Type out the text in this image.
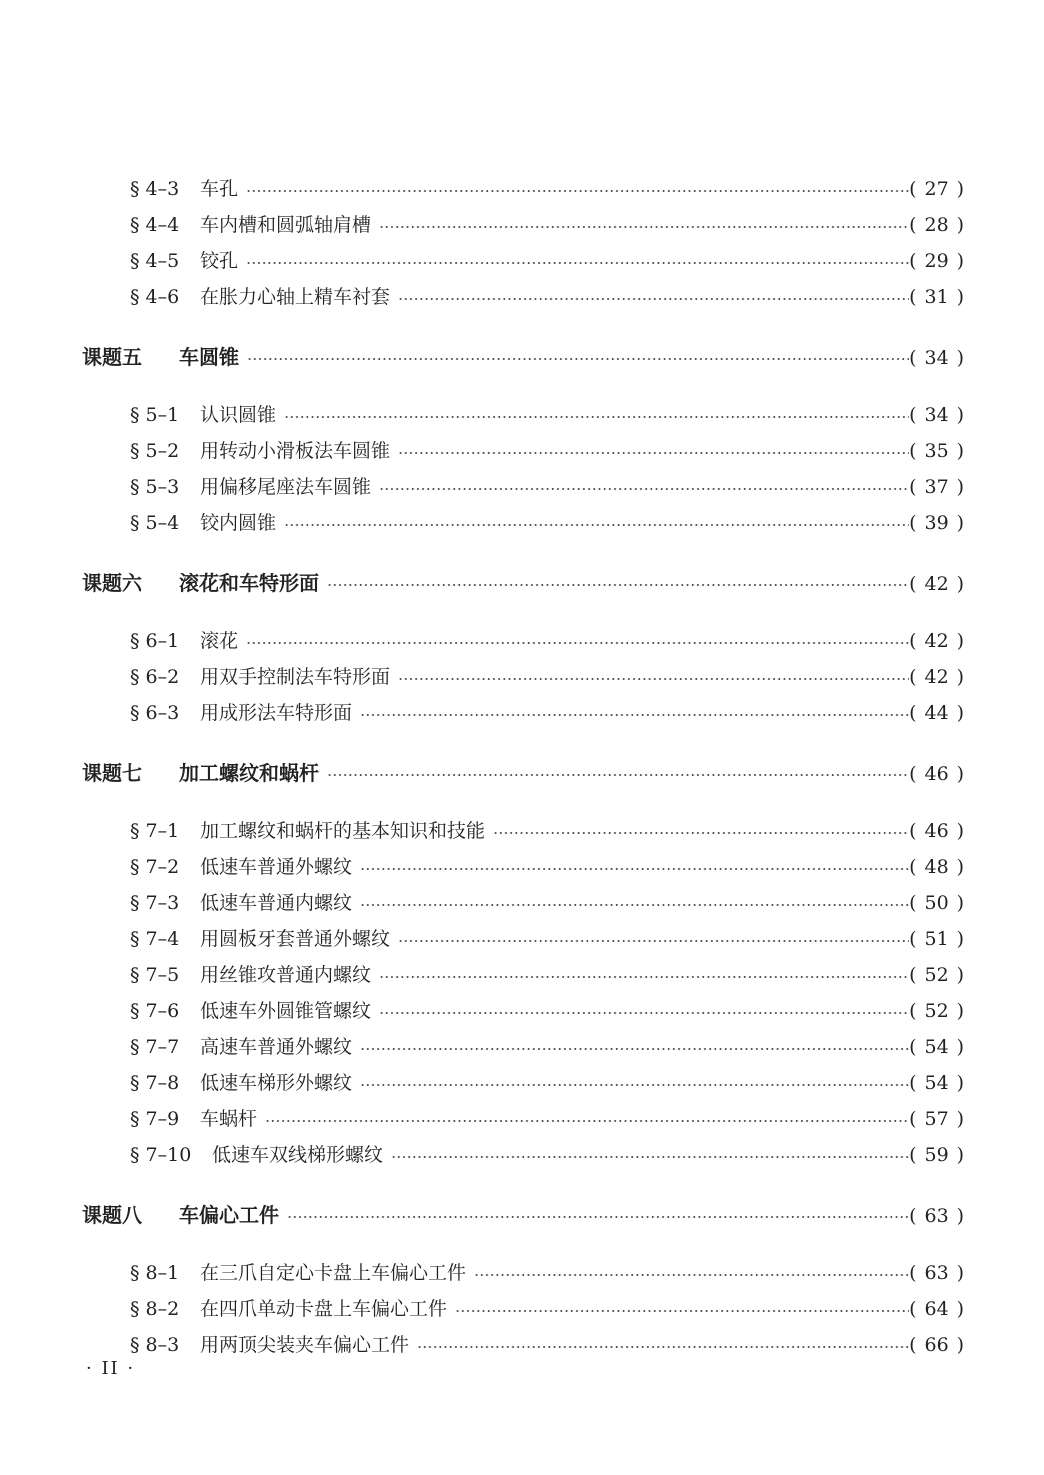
§ 4–3	车孔	( 27 )
§ 4–4	车内槽和圆弧轴肩槽	( 28 )
§ 4–5	铰孔	( 29 )
§ 4–6	在胀力心轴上精车衬套	( 31 )
课题五	车圆锥	( 34 )
§ 5–1	认识圆锥	( 34 )
§ 5–2	用转动小滑板法车圆锥	( 35 )
§ 5–3	用偏移尾座法车圆锥	( 37 )
§ 5–4	铰内圆锥	( 39 )
课题六	滚花和车特形面	( 42 )
§ 6–1	滚花	( 42 )
§ 6–2	用双手控制法车特形面	( 42 )
§ 6–3	用成形法车特形面	( 44 )
课题七	加工螺纹和蜗杆	( 46 )
§ 7–1	加工螺纹和蜗杆的基本知识和技能	( 46 )
§ 7–2	低速车普通外螺纹	( 48 )
§ 7–3	低速车普通内螺纹	( 50 )
§ 7–4	用圆板牙套普通外螺纹	( 51 )
§ 7–5	用丝锥攻普通内螺纹	( 52 )
§ 7–6	低速车外圆锥管螺纹	( 52 )
§ 7–7	高速车普通外螺纹	( 54 )
§ 7–8	低速车梯形外螺纹	( 54 )
§ 7–9	车蜗杆	( 57 )
§ 7–10	低速车双线梯形螺纹	( 59 )
课题八	车偏心工件	( 63 )
§ 8–1	在三爪自定心卡盘上车偏心工件	( 63 )
§ 8–2	在四爪单动卡盘上车偏心工件	( 64 )
§ 8–3	用两顶尖装夹车偏心工件	( 66 )
· II ·
